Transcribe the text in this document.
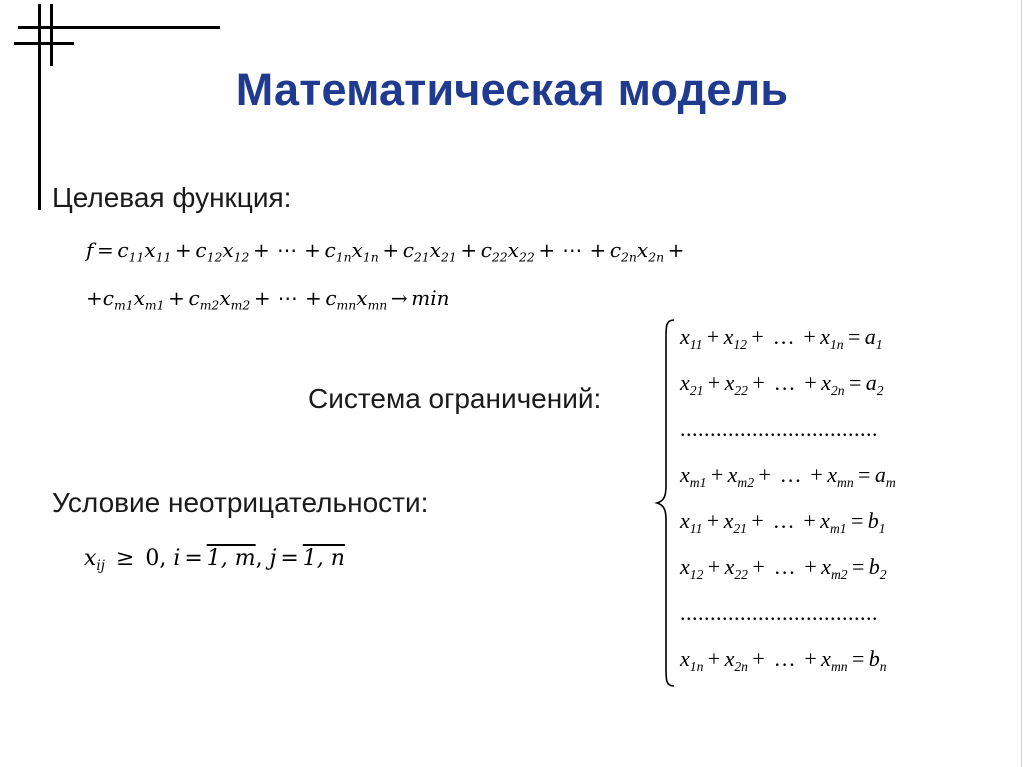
Математическая модель
Целевая функция:
$f = c_{11}x_{11} + c_{12}x_{12}$ + ⋯ + $c_{1n}x_{1n} + c_{21}x_{21} + c_{22}x_{22}$ + ⋯ + $c_{2n}x_{2n}$ +
$+c_{m1}x_{m1} + c_{m2}x_{m2}$ + ⋯ + $c_{mn}x_{mn} \to \min$
Система ограничений:
$x_{11} + x_{12}$ + … + $x_{1n} = a_1$
$x_{21} + x_{22}$ + … + $x_{2n} = a_2$
.................................
$x_{m1} + x_{m2}$ + … + $x_{mn} = a_m$
$x_{11} + x_{21}$ + … + $x_{m1} = b_1$
$x_{12} + x_{22}$ + … + $x_{m2} = b_2$
.................................
$x_{1n} + x_{2n}$ + … + $x_{mn} = b_n$
Условие неотрицательности:
$x_{ij} \ge 0$, i = 1, m, j = 1, n
